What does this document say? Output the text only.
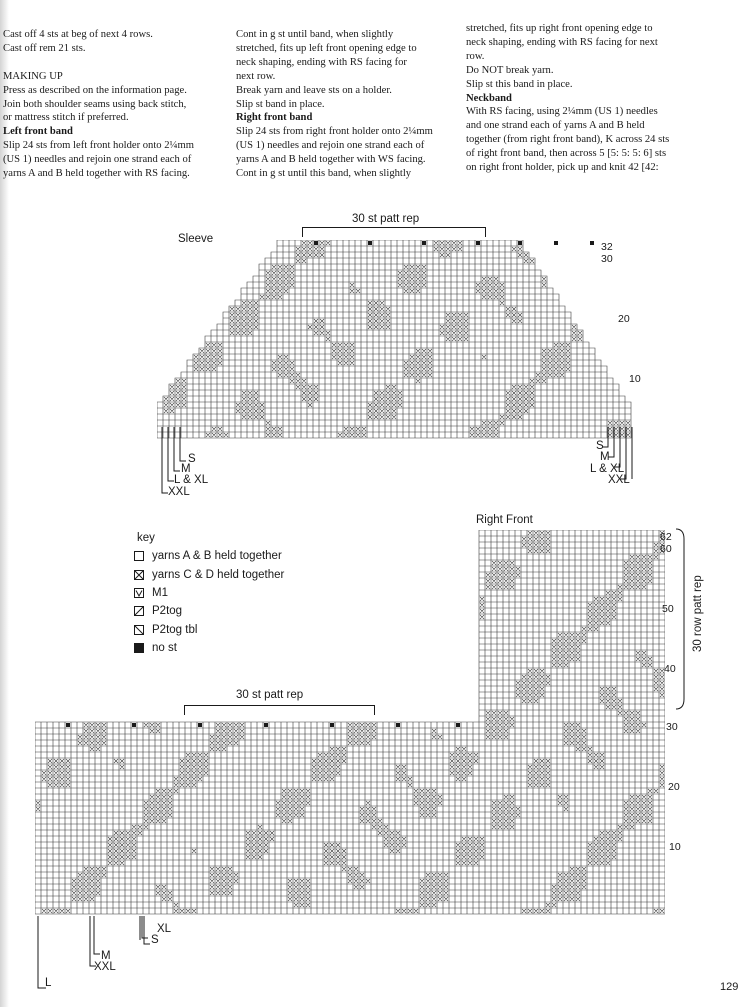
Cast off 4 sts at beg of next 4 rows.

Cast off rem 21 sts.

MAKING UP

Press as described on the information page.

Join both shoulder seams using back stitch,

or mattress stitch if preferred.

Left front band

Slip 24 sts from left front holder onto 2¼mm

(US 1) needles and rejoin one strand each of

yarns A and B held together with RS facing.

Cont in g st until band, when slightly

stretched, fits up left front opening edge to

neck shaping, ending with RS facing for

next row.

Break yarn and leave sts on a holder.

Slip st band in place.

Right front band

Slip 24 sts from right front holder onto 2¼mm

(US 1) needles and rejoin one strand each of

yarns A and B held together with WS facing.

Cont in g st until this band, when slightly

stretched, fits up right front opening edge to

neck shaping, ending with RS facing for next

row.

Do NOT break yarn.

Slip st this band in place.

Neckband

With RS facing, using 2¼mm (US 1) needles

and one strand each of yarns A and B held

together (from right front band), K across 24 sts

of right front band, then across 5 [5: 5: 5: 6] sts

on right front holder, pick up and knit 42 [42:

Sleeve
30 st patt rep
32
30
20
10
S
M
L & XL
XXL
S
M
L & XL
XXL
key
yarns A & B held together
yarns C & D held together
M1
P2tog
P2tog tbl
no st
Right Front
30 st patt rep
62
60
50
40
30
20
10
30 row patt rep
XL
S
M
XXL
L	129
